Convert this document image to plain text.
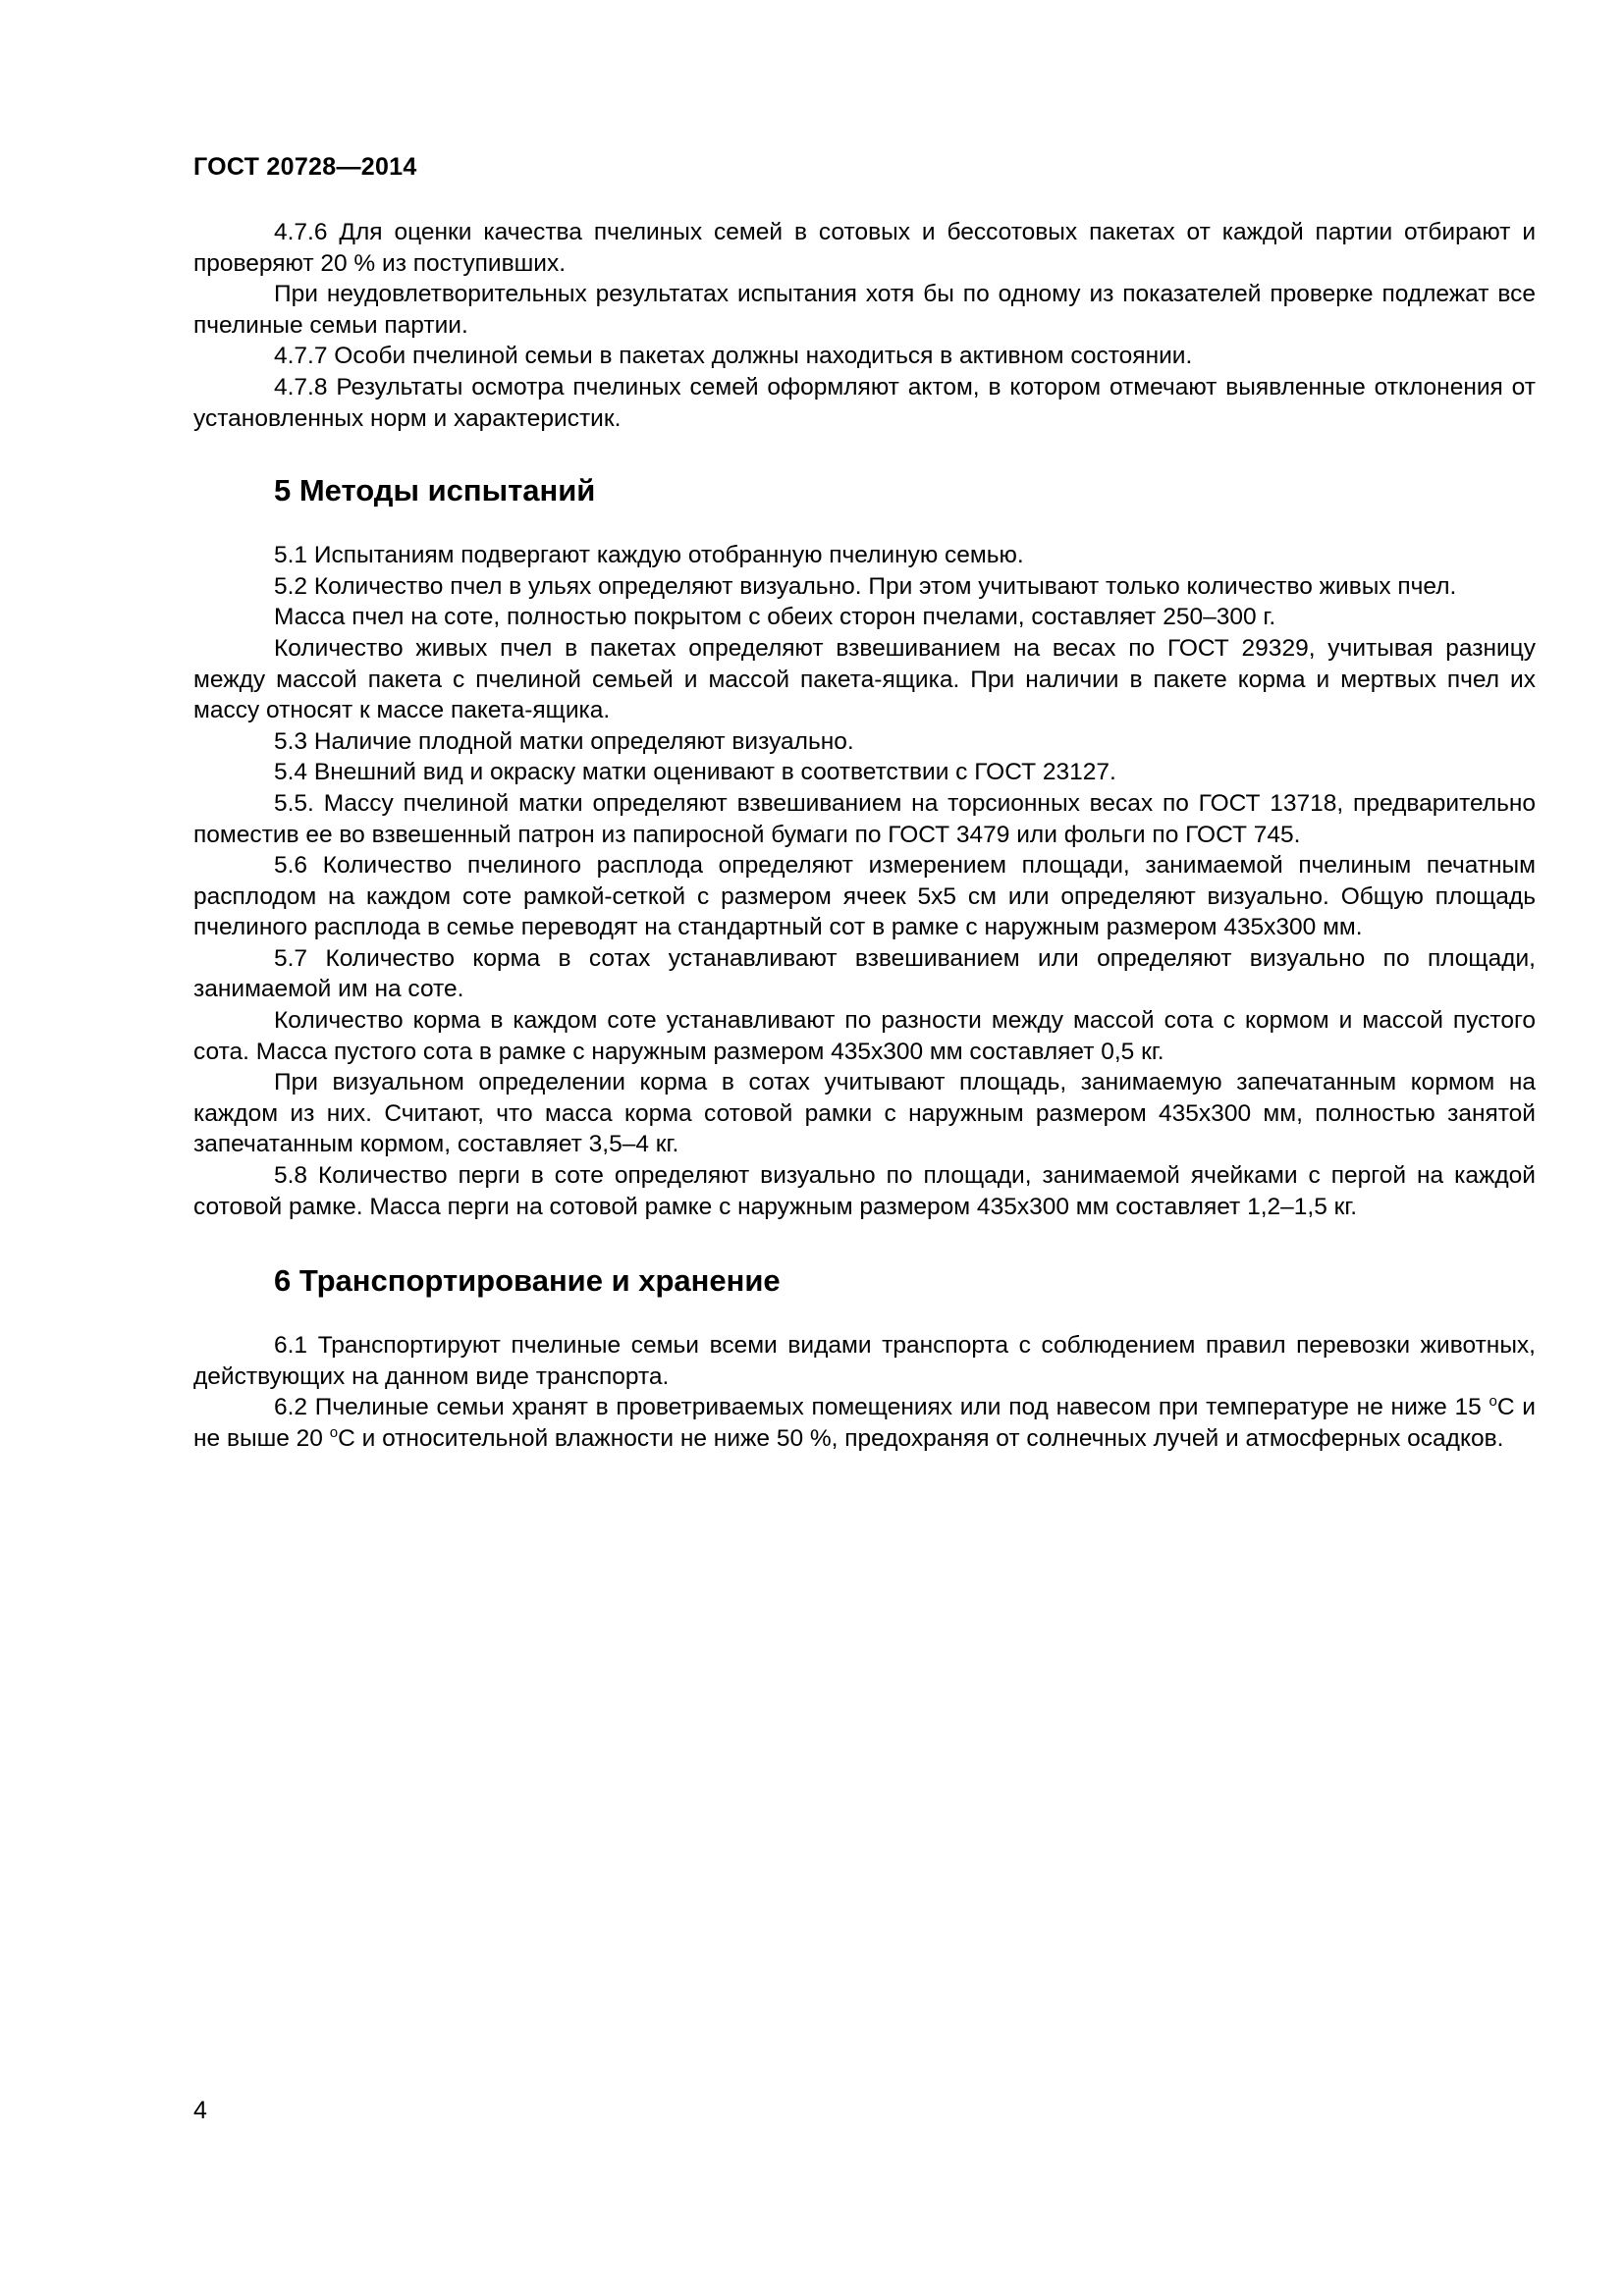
ГОСТ 20728—2014

4.7.6 Для оценки качества пчелиных семей в сотовых и бессотовых пакетах от каждой партии отбирают и проверяют 20 % из поступивших.

При неудовлетворительных результатах испытания хотя бы по одному из показателей проверке подлежат все пчелиные семьи партии.

4.7.7 Особи пчелиной семьи в пакетах должны находиться в активном состоянии.

4.7.8 Результаты осмотра пчелиных семей оформляют актом, в котором отмечают выявленные отклонения от установленных норм и характеристик.

5 Методы испытаний

5.1 Испытаниям подвергают каждую отобранную пчелиную семью.

5.2 Количество пчел в ульях определяют визуально. При этом учитывают только количество живых пчел.

Масса пчел на соте, полностью покрытом с обеих сторон пчелами, составляет 250–300 г.

Количество живых пчел в пакетах определяют взвешиванием на весах по ГОСТ 29329, учитывая разницу между массой пакета с пчелиной семьей и массой пакета-ящика. При наличии в пакете корма и мертвых пчел их массу относят к массе пакета-ящика.

5.3 Наличие плодной матки определяют визуально.

5.4 Внешний вид и окраску матки оценивают в соответствии с ГОСТ 23127.

5.5. Массу пчелиной матки определяют взвешиванием на торсионных весах по ГОСТ 13718, предварительно поместив ее во взвешенный патрон из папиросной бумаги по ГОСТ 3479 или фольги по ГОСТ 745.

5.6 Количество пчелиного расплода определяют измерением площади, занимаемой пчелиным печатным расплодом на каждом соте рамкой-сеткой с размером ячеек 5х5 см или определяют визуально. Общую площадь пчелиного расплода в семье переводят на стандартный сот в рамке с наружным размером 435х300 мм.

5.7 Количество корма в сотах устанавливают взвешиванием или определяют визуально по площади, занимаемой им на соте.

Количество корма в каждом соте устанавливают по разности между массой сота с кормом и массой пустого сота. Масса пустого сота в рамке с наружным размером 435х300 мм составляет 0,5 кг.

При визуальном определении корма в сотах учитывают площадь, занимаемую запечатанным кормом на каждом из них. Считают, что масса корма сотовой рамки с наружным размером 435х300 мм, полностью занятой запечатанным кормом, составляет 3,5–4 кг.

5.8 Количество перги в соте определяют визуально по площади, занимаемой ячейками с пергой на каждой сотовой рамке. Масса перги на сотовой рамке с наружным размером 435х300 мм составляет 1,2–1,5 кг.

6 Транспортирование и хранение

6.1 Транспортируют пчелиные семьи всеми видами транспорта с соблюдением правил перевозки животных, действующих на данном виде транспорта.

6.2 Пчелиные семьи хранят в проветриваемых помещениях или под навесом при температуре не ниже 15 $^о$С и не выше 20 $^о$С и относительной влажности не ниже 50 %, предохраняя от солнечных лучей и атмосферных осадков.

4
